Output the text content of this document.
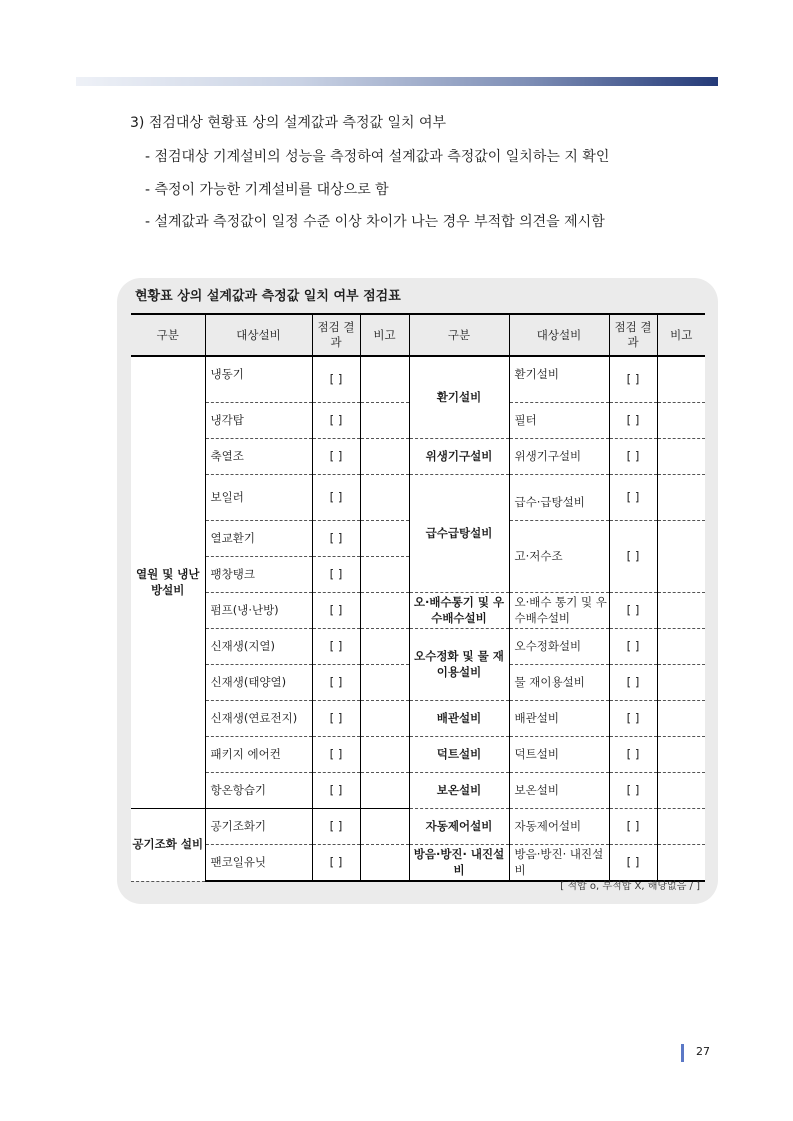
3) 점검대상 현황표 상의 설계값과 측정값 일치 여부
- 점검대상 기계설비의 성능을 측정하여 설계값과 측정값이 일치하는 지 확인
- 측정이 가능한 기계설비를 대상으로 함
- 설계값과 측정값이 일정 수준 이상 차이가 나는 경우 부적합 의견을 제시함
현황표 상의 설계값과 측정값 일치 여부 점검표
구분	대상설비	점검 결과	비고	구분	대상설비	점검 결과	비고
열원 및 냉난방설비	냉동기	[ ]		환기설비	환기설비	[ ]	
	냉각탑	[ ]			필터	[ ]	
	축열조	[ ]		위생기구설비	위생기구설비	[ ]	
	보일러	[ ]		급수급탕설비	급수·급탕설비	[ ]	
	열교환기	[ ]			고·저수조	[ ]	
	팽창탱크	[ ]					
	펌프(냉·난방)	[ ]		오·배수통기 및 우수배수설비	오·배수 통기 및 우수배수설비	[ ]	
	신재생(지열)	[ ]		오수정화 및 물 재이용설비	오수정화설비	[ ]	
	신재생(태양열)	[ ]			물 재이용설비	[ ]	
	신재생(연료전지)	[ ]		배관설비	배관설비	[ ]	
	패키지 에어컨	[ ]		덕트설비	덕트설비	[ ]	
	항온항습기	[ ]		보온설비	보온설비	[ ]	
공기조화 설비	공기조화기	[ ]		자동제어설비	자동제어설비	[ ]	
	팬코일유닛	[ ]		방음·방진· 내진설비	방음·방진· 내진설비	[ ]	
[ 적합 o, 부적합 X, 해당없음 / ]
27
